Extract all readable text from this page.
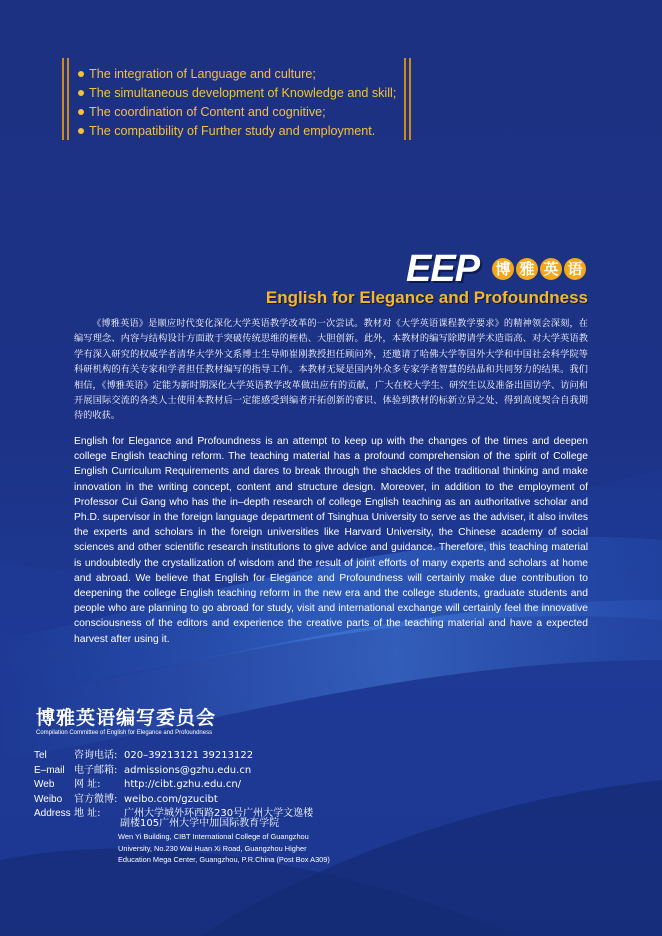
The integration of Language and culture;
The simultaneous development of Knowledge and skill;
The coordination of Content and cognitive;
The compatibility of Further study and employment.
EEP 博 雅 英 语
English for Elegance and Profoundness

《博雅英语》是顺应时代变化深化大学英语教学改革的一次尝试。教材对《大学英语课程教学要求》的精神领会深刻，在编写理念、内容与结构设计方面敢于突破传统思维的桎梏、大胆创新。此外，本教材的编写除聘请学术造诣高、对大学英语教学有深入研究的权威学者清华大学外文系博士生导师崔刚教授担任顾问外，还邀请了哈佛大学等国外大学和中国社会科学院等科研机构的有关专家和学者担任教材编写的指导工作。本教材无疑是国内外众多专家学者智慧的结晶和共同努力的结果。我们相信，《博雅英语》定能为新时期深化大学英语教学改革做出应有的贡献，广大在校大学生、研究生以及准备出国访学、访问和开展国际交流的各类人士使用本教材后一定能感受到编者开拓创新的睿识、体验到教材的标新立异之处、得到高度契合自我期待的收获。

English for Elegance and Profoundness is an attempt to keep up with the changes of the times and deepen college English teaching reform. The teaching material has a profound comprehension of the spirit of College English Curriculum Requirements and dares to break through the shackles of the traditional thinking and make innovation in the writing concept, content and structure design. Moreover, in addition to the employment of Professor Cui Gang who has the in–depth research of college English teaching as an authoritative scholar and Ph.D. supervisor in the foreign language department of Tsinghua University to serve as the adviser, it also invites the experts and scholars in the foreign universities like Harvard University, the Chinese academy of social sciences and other scientific research institutions to give advice and guidance. Therefore, this teaching material is undoubtedly the crystallization of wisdom and the result of joint efforts of many experts and scholars at home and abroad. We believe that English for Elegance and Profoundness will certainly make due contribution to deepening the college English teaching reform in the new era and the college students, graduate students and people who are planning to go abroad for study, visit and international exchange will certainly feel the innovative consciousness of the editors and experience the creative parts of the teaching material and have a expected harvest after using it.

博雅英语编写委员会
Compilation Committee of English for Elegance and Profoundness
Tel	咨询电话: 020–39213121 39213122
E–mail 电子邮箱: admissions@gzhu.edu.cn
Web	网 址:	http://cibt.gzhu.edu.cn/
Weibo	官方微博: weibo.com/gzucibt
Address 地 址:	广州大学城外环西路230号广州大学文逸楼
副楼105广州大学中加国际教育学院
Wen Yi Building, CIBT International College of Guangzhou
University, No.230 Wai Huan Xi Road, Guangzhou Higher
Education Mega Center, Guangzhou, P.R.China (Post Box A309)
